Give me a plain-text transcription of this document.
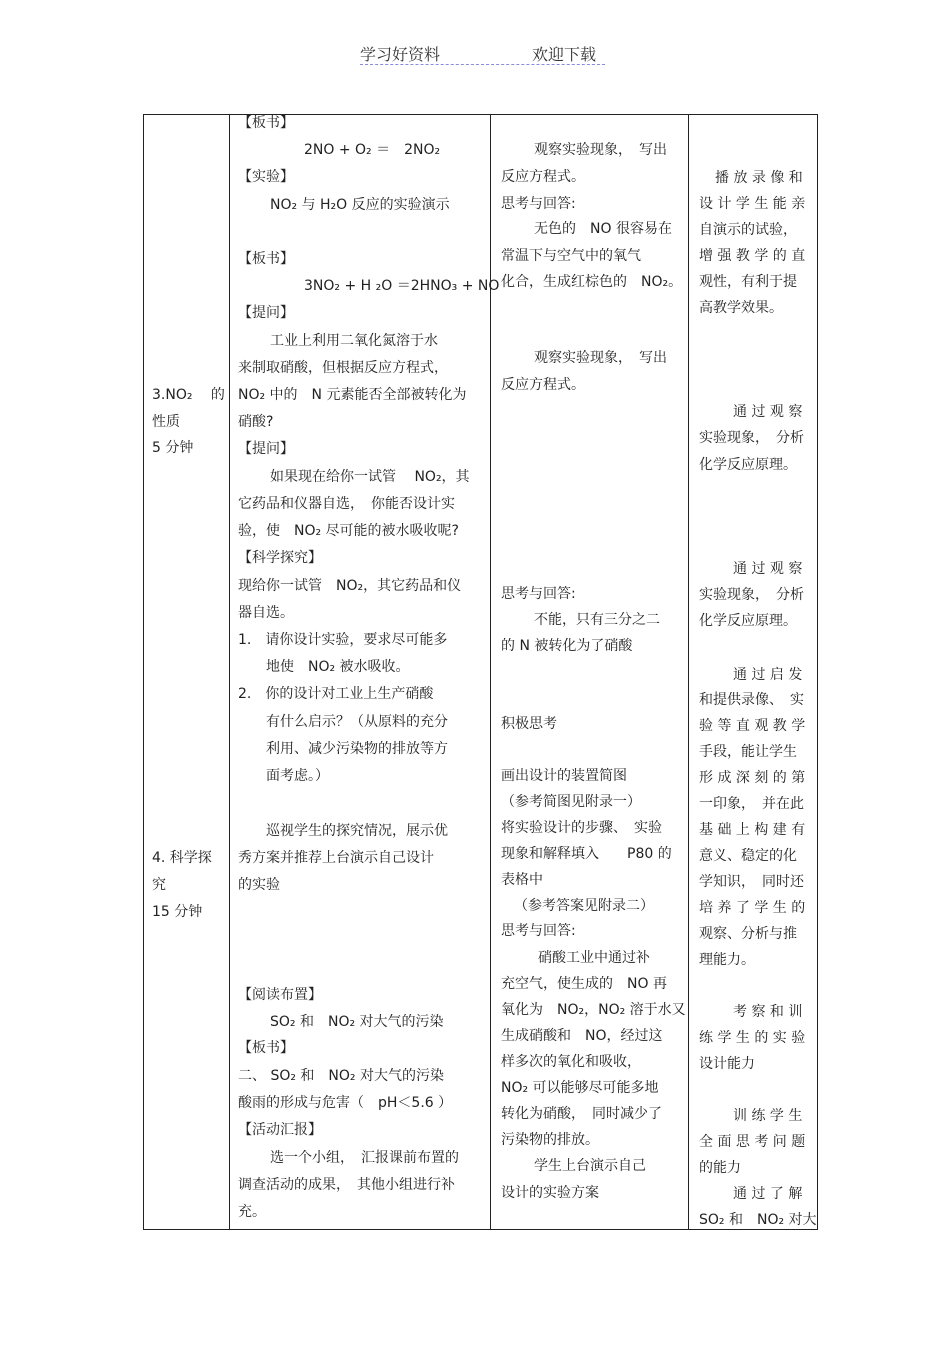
学习好资料	欢迎下载
3.NO₂　 的
性质
5 分钟
4. 科学探
究
15 分钟
【板书】
2NO + O₂ ＝　2NO₂
【实验】
NO₂ 与 H₂O 反应的实验演示
【板书】
3NO₂ + H ₂O ＝2HNO₃ + NO
【提问】
工业上利用二氧化氮溶于水
来制取硝酸，但根据反应方程式，
NO₂ 中的　N 元素能否全部被转化为
硝酸?
【提问】
如果现在给你一试管　 NO₂，其
它药品和仪器自选，　你能否设计实
验，使　NO₂ 尽可能的被水吸收呢?
【科学探究】
现给你一试管　NO₂，其它药品和仪
器自选。
1.　请你设计实验，要求尽可能多
地使　NO₂ 被水吸收。
2.　你的设计对工业上生产硝酸
有什么启示？（从原料的充分
利用、减少污染物的排放等方
面考虑。）
巡视学生的探究情况，展示优
秀方案并推荐上台演示自己设计
的实验
【阅读布置】
SO₂ 和　NO₂ 对大气的污染
【板书】
二、 SO₂ 和　NO₂ 对大气的污染
酸雨的形成与危害（　pH＜5.6 ）
【活动汇报】
选一个小组，　汇报课前布置的
调查活动的成果，　其他小组进行补
充。
观察实验现象，　写出
反应方程式。
思考与回答:
无色的　NO 很容易在
常温下与空气中的氧气
化合，生成红棕色的　NO₂。
观察实验现象，　写出
反应方程式。
思考与回答:
不能，只有三分之二
的 N 被转化为了硝酸
积极思考
画出设计的装置简图
（参考简图见附录一）
将实验设计的步骤、　实验
现象和解释填入　　P80 的
表格中
（参考答案见附录二）
思考与回答:
硝酸工业中通过补
充空气，使生成的　NO 再
氧化为　NO₂，NO₂ 溶于水又
生成硝酸和　NO，经过这
样多次的氧化和吸收，
NO₂ 可以能够尽可能多地
转化为硝酸，　同时减少了
污染物的排放。
学生上台演示自己
设计的实验方案
播 放 录 像 和
设 计 学 生 能 亲
自演示的试验，
增 强 教 学 的 直
观性，有利于提
高教学效果。
通 过 观 察
实验现象，　分析
化学反应原理。
通 过 观 察
实验现象，　分析
化学反应原理。
通 过 启 发
和提供录像、　实
验 等 直 观 教 学
手段，能让学生
形 成 深 刻 的 第
一印象，　并在此
基 础 上 构 建 有
意义、稳定的化
学知识，　同时还
培 养 了 学 生 的
观察、分析与推
理能力。
考 察 和 训
练 学 生 的 实 验
设计能力
训 练 学 生
全 面 思 考 问 题
的能力
通 过 了 解
SO₂ 和　NO₂ 对大
